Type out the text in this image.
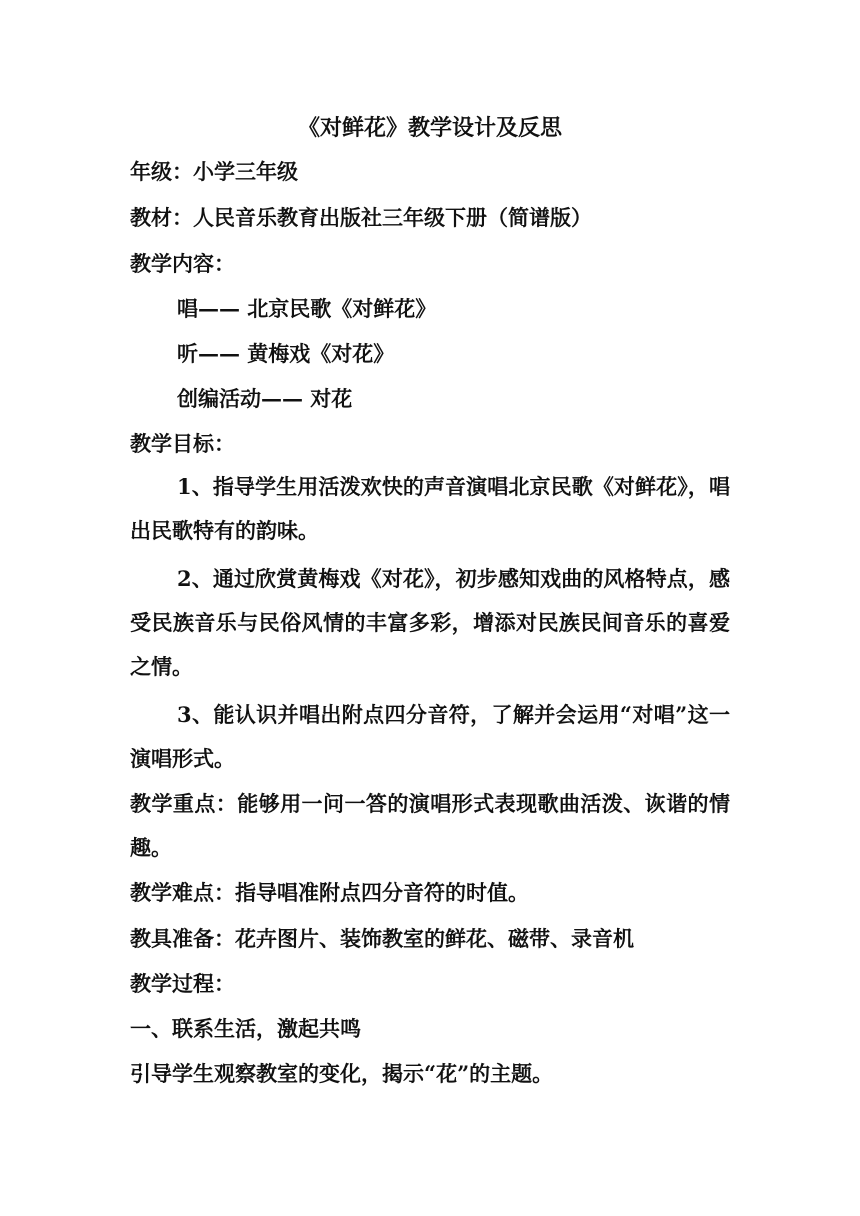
《对鲜花》教学设计及反思
年级：小学三年级
教材：人民音乐教育出版社三年级下册（简谱版）
教学内容：
唱—— 北京民歌《对鲜花》
听—— 黄梅戏《对花》
创编活动—— 对花
教学目标：
1、指导学生用活泼欢快的声音演唱北京民歌《对鲜花》，唱出民歌特有的韵味。
2、通过欣赏黄梅戏《对花》，初步感知戏曲的风格特点，感受民族音乐与民俗风情的丰富多彩，增添对民族民间音乐的喜爱之情。
3、能认识并唱出附点四分音符，了解并会运用“对唱”这一演唱形式。
教学重点：能够用一问一答的演唱形式表现歌曲活泼、诙谐的情趣。
教学难点：指导唱准附点四分音符的时值。
教具准备：花卉图片、装饰教室的鲜花、磁带、录音机
教学过程：
一、联系生活，激起共鸣
引导学生观察教室的变化，揭示“花”的主题。
